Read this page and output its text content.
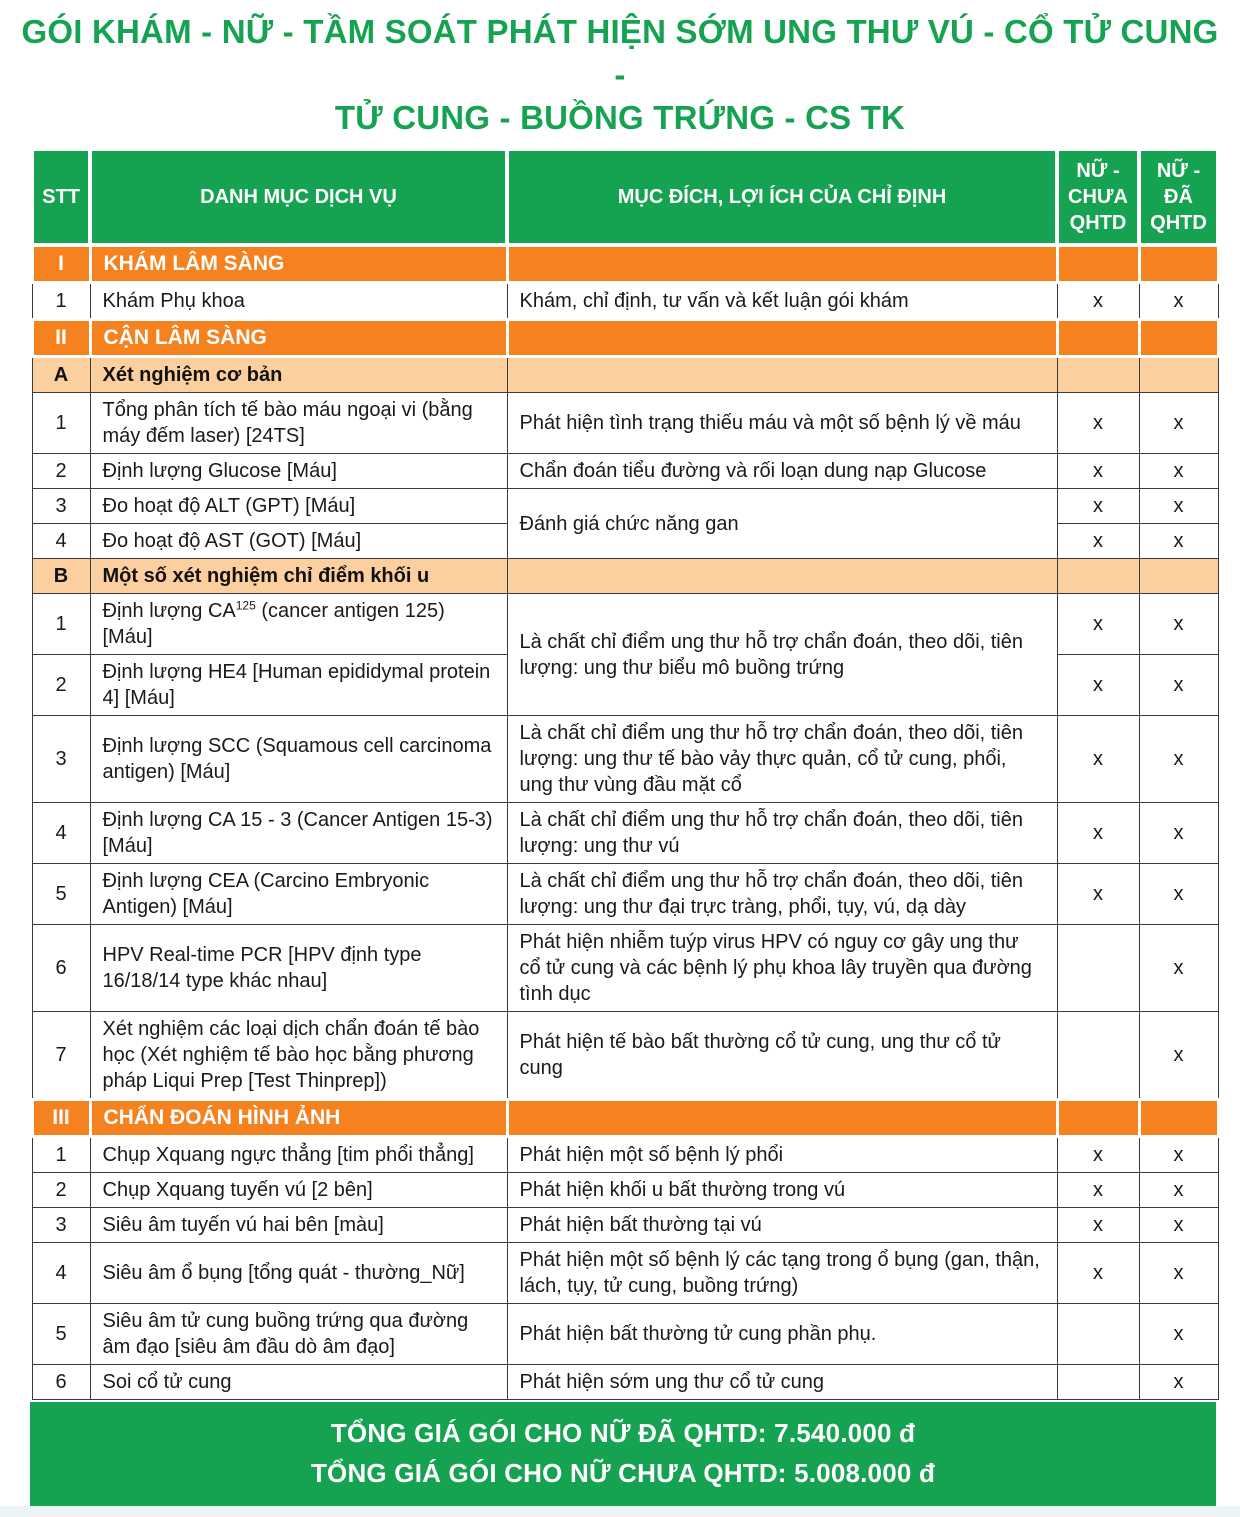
GÓI KHÁM - NỮ - TẦM SOÁT PHÁT HIỆN SỚM UNG THƯ VÚ - CỔ TỬ CUNG -
TỬ CUNG - BUỒNG TRỨNG - CS TK
STT	DANH MỤC DỊCH VỤ	MỤC ĐÍCH, LỢI ÍCH CỦA CHỈ ĐỊNH	NỮ - CHƯA QHTD	NỮ - ĐÃ QHTD
I	KHÁM LÂM SÀNG			
1	Khám Phụ khoa	Khám, chỉ định, tư vấn và kết luận gói khám	x	x
II	CẬN LÂM SÀNG			
A	Xét nghiệm cơ bản			
1	Tổng phân tích tế bào máu ngoại vi (bằng máy đếm laser) [24TS]	Phát hiện tình trạng thiếu máu và một số bệnh lý về máu	x	x
2	Định lượng Glucose [Máu]	Chẩn đoán tiểu đường và rối loạn dung nạp Glucose	x	x
3	Đo hoạt độ ALT (GPT) [Máu]	Đánh giá chức năng gan	x	x
4	Đo hoạt độ AST (GOT) [Máu]		x	x
B	Một số xét nghiệm chỉ điểm khối u			
1	Định lượng CA$^{125}$ (cancer antigen 125) [Máu]	Là chất chỉ điểm ung thư hỗ trợ chẩn đoán, theo dõi, tiên lượng: ung thư biểu mô buồng trứng	x	x
2	Định lượng HE4 [Human epididymal protein 4] [Máu]		x	x
3	Định lượng SCC (Squamous cell carcinoma antigen) [Máu]	Là chất chỉ điểm ung thư hỗ trợ chẩn đoán, theo dõi, tiên lượng: ung thư tế bào vảy thực quản, cổ tử cung, phổi, ung thư vùng đầu mặt cổ	x	x
4	Định lượng CA 15 - 3 (Cancer Antigen 15-3) [Máu]	Là chất chỉ điểm ung thư hỗ trợ chẩn đoán, theo dõi, tiên lượng: ung thư vú	x	x
5	Định lượng CEA (Carcino Embryonic Antigen) [Máu]	Là chất chỉ điểm ung thư hỗ trợ chẩn đoán, theo dõi, tiên lượng: ung thư đại trực tràng, phổi, tụy, vú, dạ dày	x	x
6	HPV Real-time PCR [HPV định type 16/18/14 type khác nhau]	Phát hiện nhiễm tuýp virus HPV có nguy cơ gây ung thư cổ tử cung và các bệnh lý phụ khoa lây truyền qua đường tình dục		x
7	Xét nghiệm các loại dịch chẩn đoán tế bào học (Xét nghiệm tế bào học bằng phương pháp Liqui Prep [Test Thinprep])	Phát hiện tế bào bất thường cổ tử cung, ung thư cổ tử cung		x
III	CHẨN ĐOÁN HÌNH ẢNH			
1	Chụp Xquang ngực thẳng [tim phổi thẳng]	Phát hiện một số bệnh lý phổi	x	x
2	Chụp Xquang tuyến vú [2 bên]	Phát hiện khối u bất thường trong vú	x	x
3	Siêu âm tuyến vú hai bên [màu]	Phát hiện bất thường tại vú	x	x
4	Siêu âm ổ bụng [tổng quát - thường_Nữ]	Phát hiện một số bệnh lý các tạng trong ổ bụng (gan, thận, lách, tụy, tử cung, buồng trứng)	x	x
5	Siêu âm tử cung buồng trứng qua đường âm đạo [siêu âm đầu dò âm đạo]	Phát hiện bất thường tử cung phần phụ.		x
6	Soi cổ tử cung	Phát hiện sớm ung thư cổ tử cung		x
TỔNG GIÁ GÓI CHO NỮ ĐÃ QHTD: 7.540.000 đ
TỔNG GIÁ GÓI CHO NỮ CHƯA QHTD: 5.008.000 đ
